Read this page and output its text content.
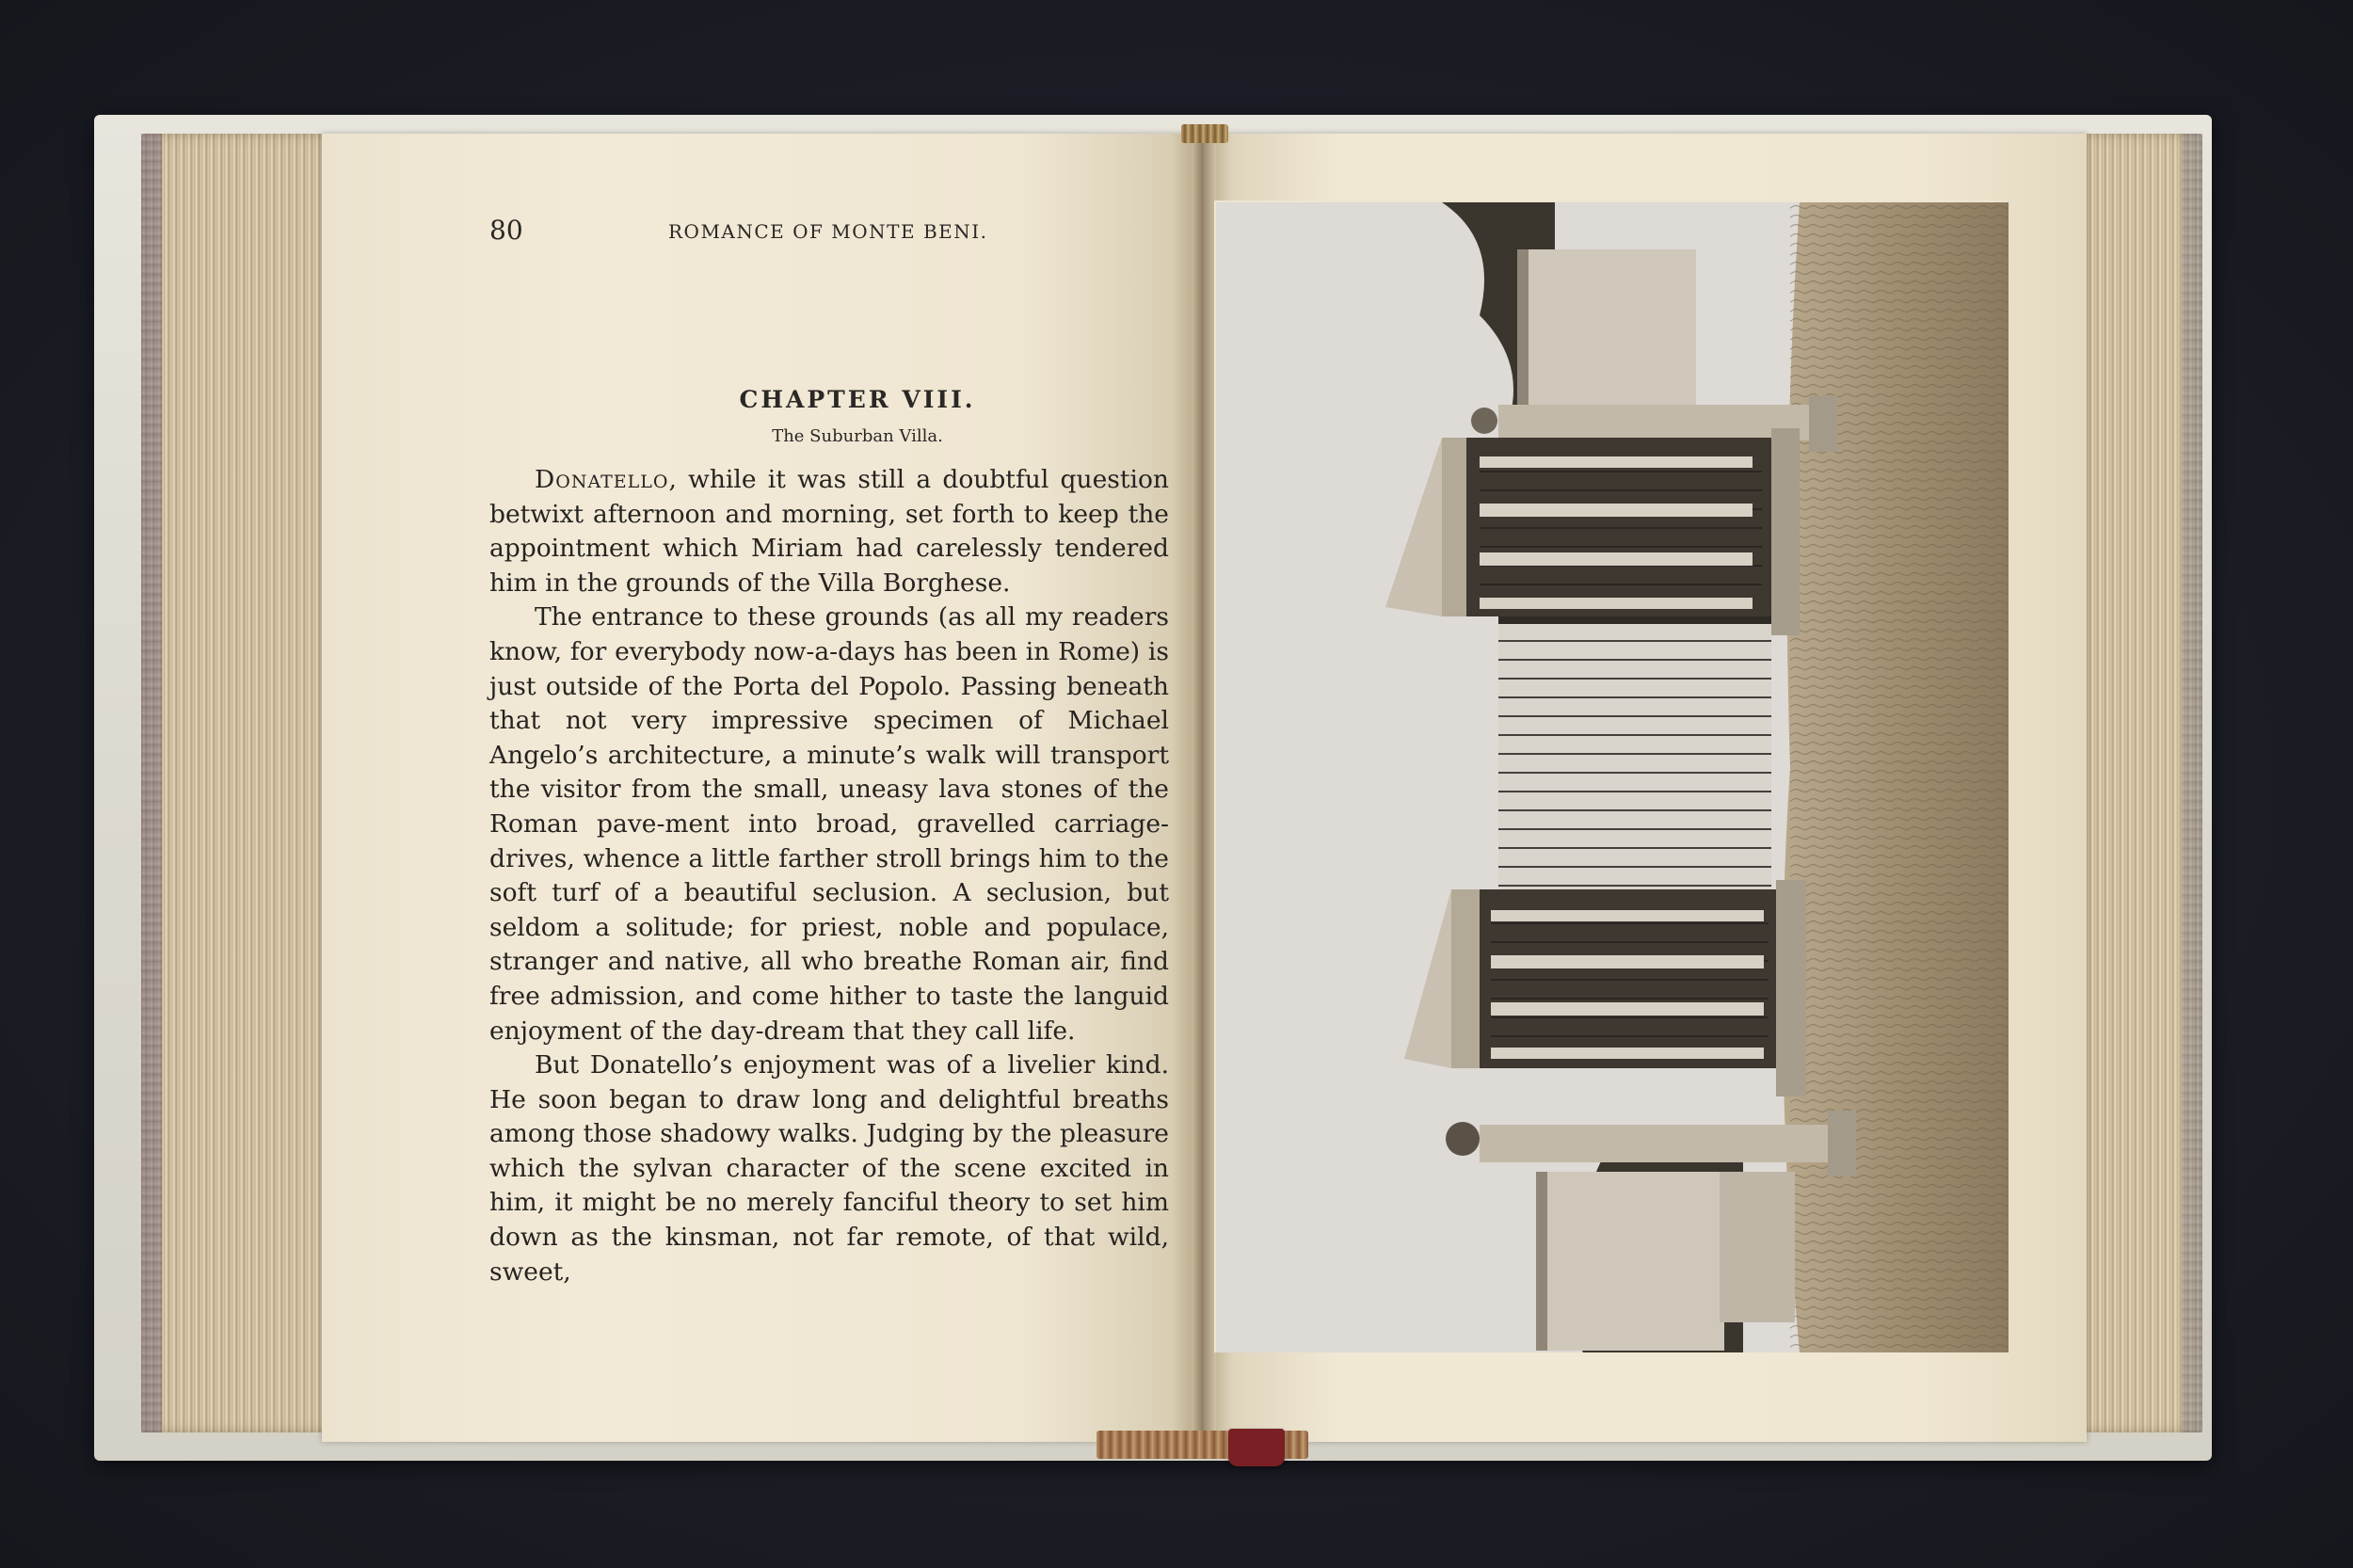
80	ROMANCE OF MONTE BENI.
CHAPTER VIII.
The Suburban Villa.

Donatello, while it was still a doubtful question betwixt afternoon and morning, set forth to keep the appointment which Miriam had carelessly tendered him in the grounds of the Villa Borghese.

The entrance to these grounds (as all my readers know, for everybody now-a-days has been in Rome) is just outside of the Porta del Popolo. Passing beneath that not very impressive specimen of Michael Angelo’s architecture, a minute’s walk will transport the visitor from the small, uneasy lava stones of the Roman pave-ment into broad, gravelled carriage-drives, whence a little farther stroll brings him to the soft turf of a beautiful seclusion. A seclusion, but seldom a solitude; for priest, noble and populace, stranger and native, all who breathe Roman air, find free admission, and come hither to taste the languid enjoyment of the day-dream that they call life.

But Donatello’s enjoyment was of a livelier kind. He soon began to draw long and delightful breaths among those shadowy walks. Judging by the pleasure which the sylvan character of the scene excited in him, it might be no merely fanciful theory to set him down as the kinsman, not far remote, of that wild, sweet,
